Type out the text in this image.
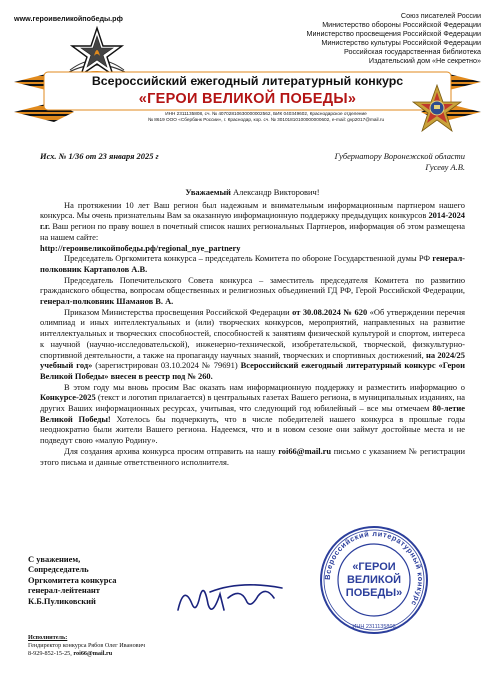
www.героивеликойпобеды.рф	Союз писателей России
Министерство обороны Российской Федерации
Министерство просвещения Российской Федерации
Министерство культуры Российской Федерации
Российская государственная библиотека
Издательский дом «Не секретно»
Всероссийский ежегодный литературный конкурс
«ГЕРОИ ВЕЛИКОЙ ПОБЕДЫ»
ИНН 2311135808, сч. № 40702810630000002562, БИК 040349602, Краснодарское отделение
№ 8619 ООО «Сбербанк России», г. Краснодар, кор. сч. № 30101810100000000602, e-mail: gvp2017@mail.ru
Исх. № 1/36 от 23 января 2025 г	Губернатору Воронежской области
Гусеву А.В.
Уважаемый Александр Викторович!

На протяжении 10 лет Ваш регион был надежным и внимательным информационным партнером нашего конкурса. Мы очень признательны Вам за оказанную информационную поддержку предыдущих конкурсов 2014-2024 г.г. Ваш регион по праву вошел в почетный список наших региональных Партнеров, информация об этом размещена на нашем сайте:

http://героивеликойпобеды.рф/regional_nye_partnery

Председатель Оргкомитета конкурса – председатель Комитета по обороне Государственной думы РФ генерал-полковник Картаполов А.В.

Председатель Попечительского Совета конкурса – заместитель председателя Комитета по развитию гражданского общества, вопросам общественных и религиозных объединений ГД РФ, Герой Российской Федерации, генерал-полковник Шаманов В. А.

Приказом Министерства просвещения Российской Федерации от 30.08.2024 № 620 «Об утверждении перечня олимпиад и иных интеллектуальных и (или) творческих конкурсов, мероприятий, направленных на развитие интеллектуальных и творческих способностей, способностей к занятиям физической культурой и спортом, интереса к научной (научно-исследовательской), инженерно-технической, изобретательской, творческой, физкультурно-спортивной деятельности, а также на пропаганду научных знаний, творческих и спортивных достижений, на 2024/25 учебный год» (зарегистрирован 03.10.2024 № 79691) Всероссийский ежегодный литературный конкурс «Герои Великой Победы» внесен в реестр под № 260.

В этом году мы вновь просим Вас оказать нам информационную поддержку и разместить информацию о Конкурсе-2025 (текст и логотип прилагается) в центральных газетах Вашего региона, в муниципальных изданиях, на других Ваших информационных ресурсах, учитывая, что следующий год юбилейный – все мы отмечаем 80-летие Великой Победы! Хотелось бы подчеркнуть, что в числе победителей нашего конкурса в прошлые годы неоднократно были жители Вашего региона. Надеемся, что и в новом сезоне они займут достойные места и не подведут свою «малую Родину».

Для создания архива конкурса просим отправить на нашу roi66@mail.ru письмо с указанием № регистрации этого письма и данные ответственного исполнителя.

С уважением,
Сопредседатель
Оргкомитета конкурса
генерал-лейтенант
К.Б.Пуликовский
Всероссийский литературный конкурс
«ГЕРОИ
ВЕЛИКОЙ
ПОБЕДЫ»
ИНН 2311135808
Исполнитель:
Гендиректор конкурса Рябов Олег Иванович
8-929-852-15-25, roi66@mail.ru
